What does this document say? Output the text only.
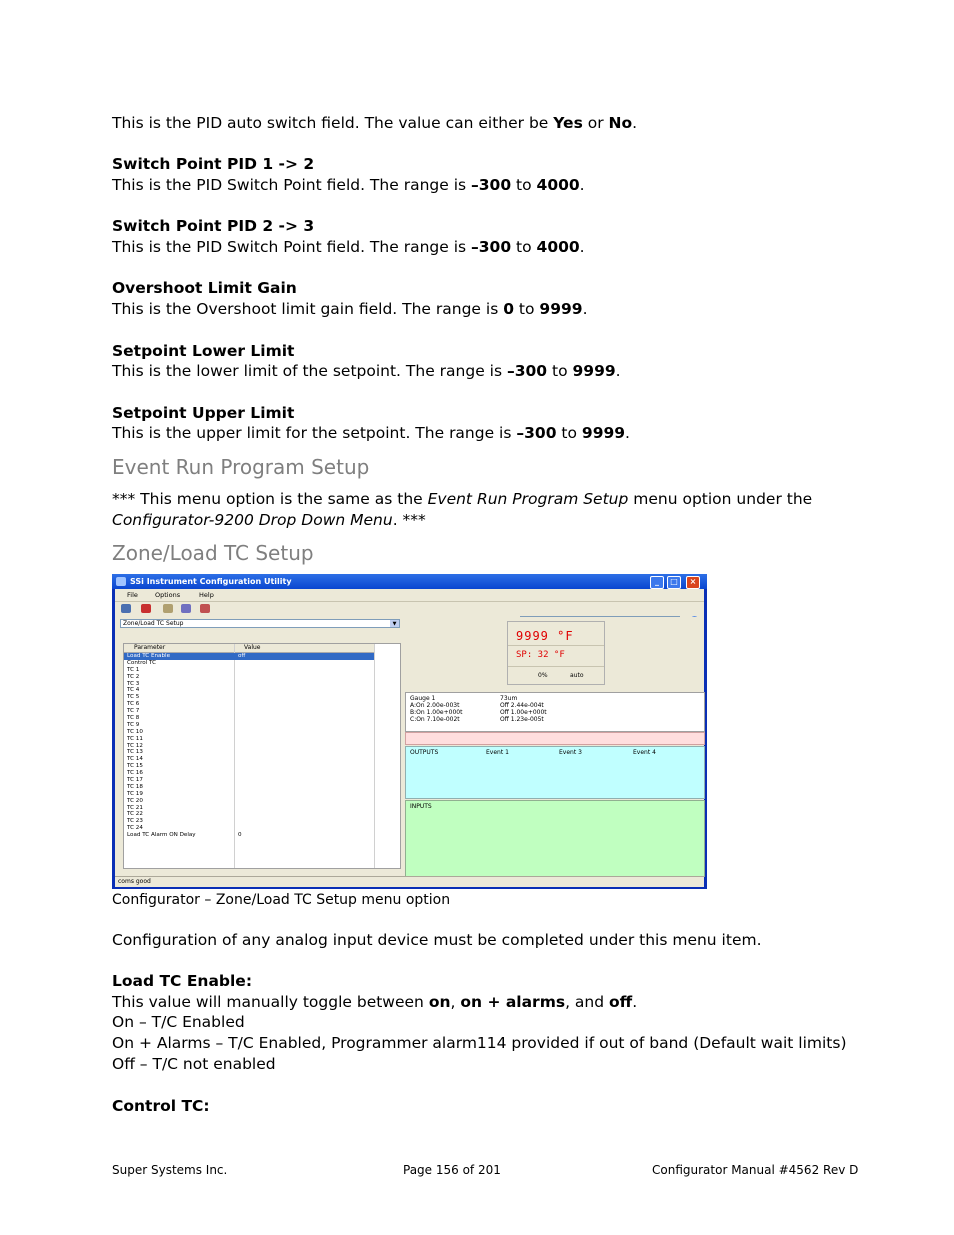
This is the PID auto switch field. The value can either be Yes or No.
Switch Point PID 1 -> 2
This is the PID Switch Point field. The range is –300 to 4000.
Switch Point PID 2 -> 3
This is the PID Switch Point field. The range is –300 to 4000.
Overshoot Limit Gain
This is the Overshoot limit gain field. The range is 0 to 9999.
Setpoint Lower Limit
This is the lower limit of the setpoint. The range is –300 to 9999.
Setpoint Upper Limit
This is the upper limit for the setpoint. The range is –300 to 9999.
Event Run Program Setup
*** This menu option is the same as the Event Run Program Setup menu option under the
Configurator-9200 Drop Down Menu. ***
Zone/Load TC Setup
SSi Instrument Configuration Utility	_	□	×
File	Options	Help
Zone/Load TC Setup	▼
Parameter	Value
Load TC Enable	off
Control TC
TC 1
TC 2
TC 3
TC 4
TC 5
TC 6
TC 7
TC 8
TC 9
TC 10
TC 11
TC 12
TC 13
TC 14
TC 15
TC 16
TC 17
TC 18
TC 19
TC 20
TC 21
TC 22
TC 23
TC 24
Load TC Alarm ON Delay	0
9999 °F
SP: 32 °F
0%	auto
Gauge 1
A:On 2.00e-003t
B:On 1.00e+000t
C:On 7.10e-002t
73um
Off 2.44e-004t
Off 1.00e+000t
Off 1.23e-005t
OUTPUTS	Event 1	Event 3	Event 4
INPUTS
coms good
Configurator – Zone/Load TC Setup menu option
Configuration of any analog input device must be completed under this menu item.
Load TC Enable:
This value will manually toggle between on, on + alarms, and off.
On – T/C Enabled
On + Alarms – T/C Enabled, Programmer alarm114 provided if out of band (Default wait limits)
Off – T/C not enabled
Control TC:
Super Systems Inc.	Page 156 of 201	Configurator Manual #4562 Rev D
